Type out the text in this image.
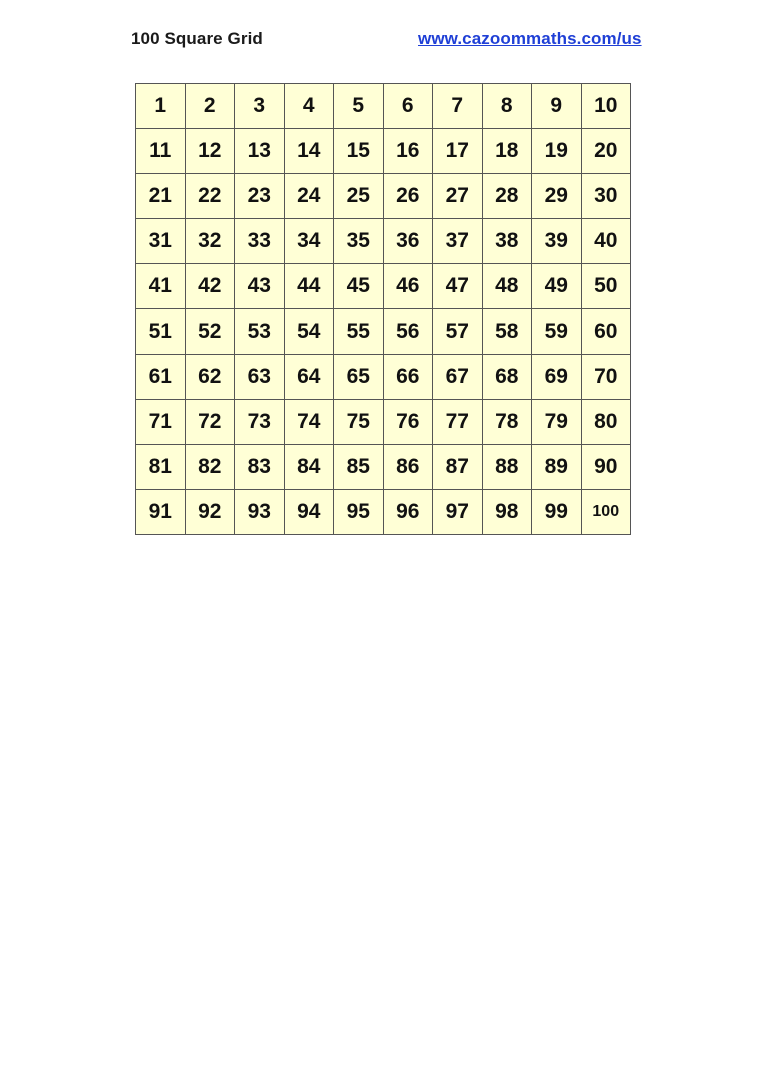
100 Square Grid	www.cazoommaths.com/us
1	2	3	4	5	6	7	8	9	10
11	12	13	14	15	16	17	18	19	20
21	22	23	24	25	26	27	28	29	30
31	32	33	34	35	36	37	38	39	40
41	42	43	44	45	46	47	48	49	50
51	52	53	54	55	56	57	58	59	60
61	62	63	64	65	66	67	68	69	70
71	72	73	74	75	76	77	78	79	80
81	82	83	84	85	86	87	88	89	90
91	92	93	94	95	96	97	98	99	100
